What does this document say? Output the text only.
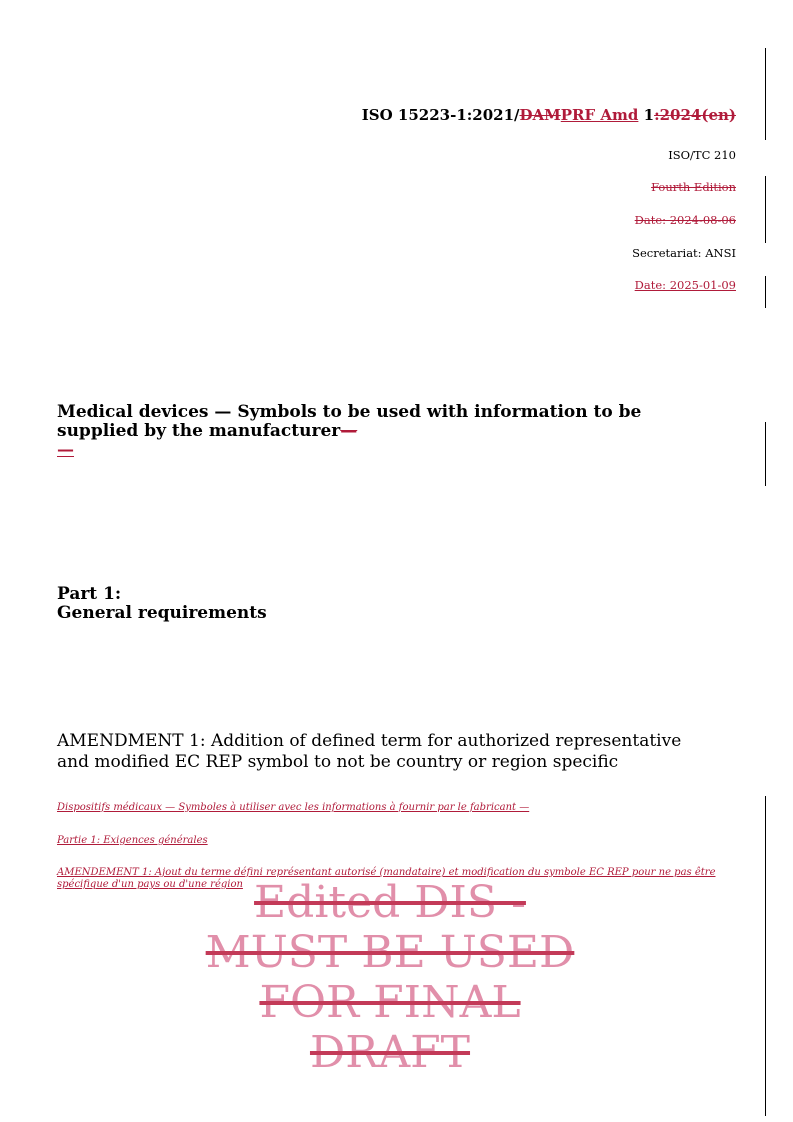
ISO 15223-1:2021/DAMPRF Amd 1:2024(en)
ISO/TC 210
Fourth Edition
Date: 2024-08-06
Secretariat: ANSI
Date: 2025-01-09
Medical devices — Symbols to be used with information to be
supplied by the manufacturer—
—
Part 1:
General requirements
AMENDMENT 1: Addition of defined term for authorized representative
and modified EC REP symbol to not be country or region specific
Dispositifs médicaux — Symboles à utiliser avec les informations à fournir par le fabricant —
Partie 1: Exigences générales
AMENDEMENT 1: Ajout du terme défini représentant autorisé (mandataire) et modification du symbole EC REP pour ne pas être spécifique d'un pays ou d'une région Edited DIS -
MUST BE USED
FOR FINAL
DRAFT
